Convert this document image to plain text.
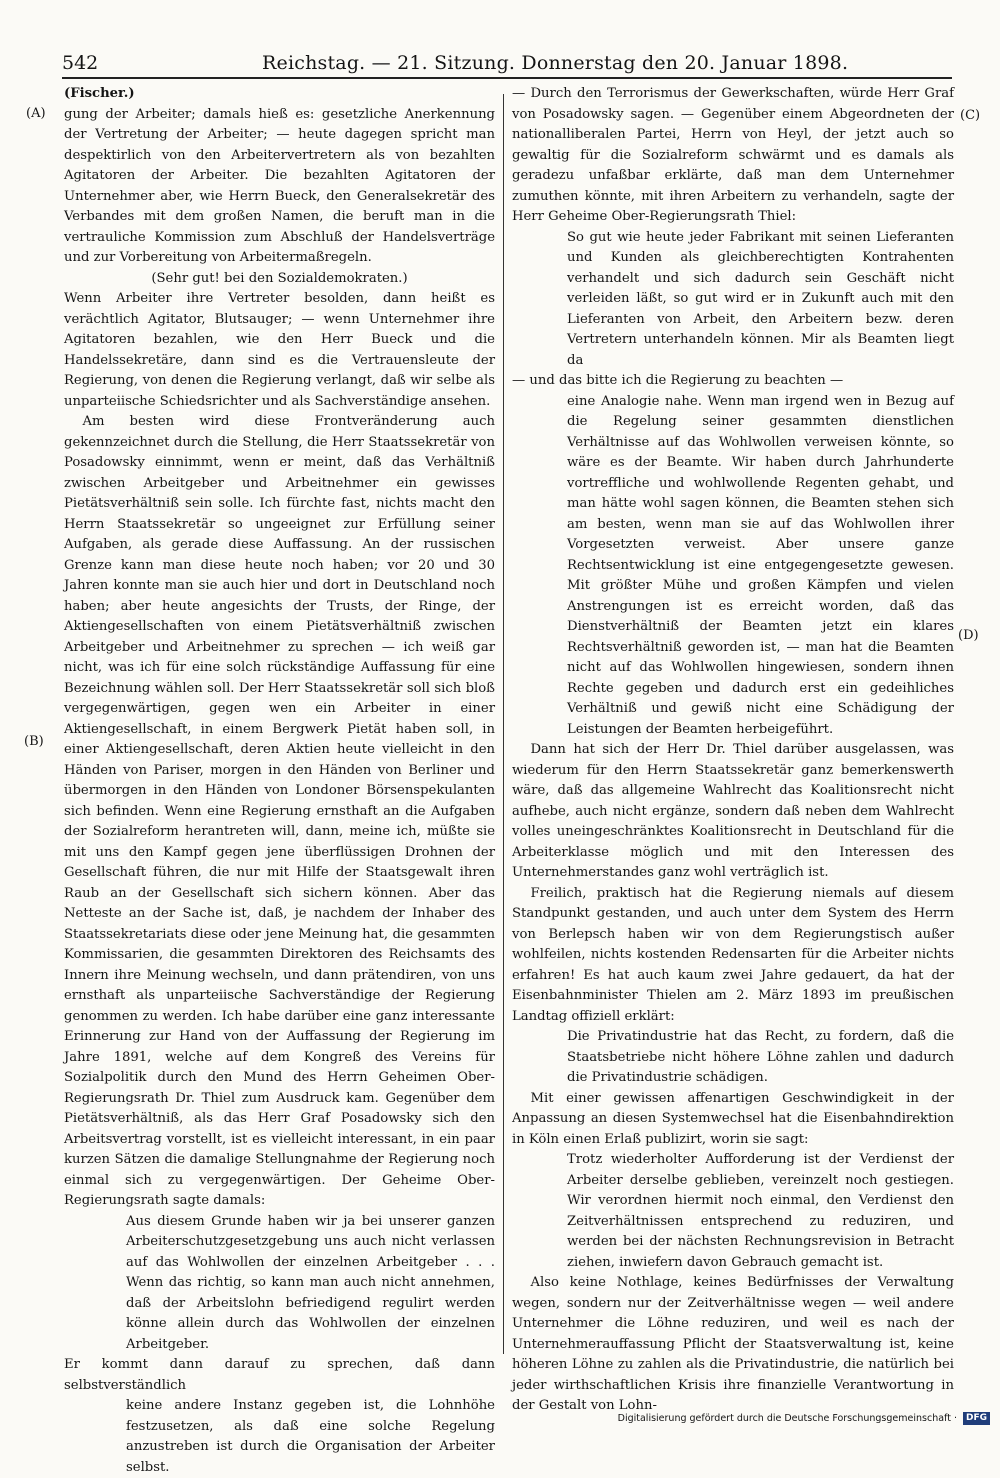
542	Reichstag. — 21. Sitzung. Donnerstag den 20. Januar 1898.
(A)
(B)
(C)
(D)

(Fischer.)

gung der Arbeiter; damals hieß es: gesetzliche Anerkennung der Vertretung der Arbeiter; — heute dagegen spricht man despektirlich von den Arbeitervertretern als von bezahlten Agitatoren der Arbeiter. Die bezahlten Agitatoren der Unternehmer aber, wie Herrn Bueck, den Generalsekretär des Verbandes mit dem großen Namen, die beruft man in die vertrauliche Kommission zum Abschluß der Handelsverträge und zur Vorbereitung von Arbeitermaßregeln.

(Sehr gut! bei den Sozialdemokraten.)

Wenn Arbeiter ihre Vertreter besolden, dann heißt es verächtlich Agitator, Blutsauger; — wenn Unternehmer ihre Agitatoren bezahlen, wie den Herr Bueck und die Handelssekretäre, dann sind es die Vertrauensleute der Regierung, von denen die Regierung verlangt, daß wir selbe als unparteiische Schiedsrichter und als Sachverständige ansehen.

Am besten wird diese Frontveränderung auch gekennzeichnet durch die Stellung, die Herr Staatssekretär von Posadowsky einnimmt, wenn er meint, daß das Verhältniß zwischen Arbeitgeber und Arbeitnehmer ein gewisses Pietätsverhältniß sein solle. Ich fürchte fast, nichts macht den Herrn Staatssekretär so ungeeignet zur Erfüllung seiner Aufgaben, als gerade diese Auffassung. An der russischen Grenze kann man diese heute noch haben; vor 20 und 30 Jahren konnte man sie auch hier und dort in Deutschland noch haben; aber heute angesichts der Trusts, der Ringe, der Aktiengesellschaften von einem Pietätsverhältniß zwischen Arbeitgeber und Arbeitnehmer zu sprechen — ich weiß gar nicht, was ich für eine solch rückständige Auffassung für eine Bezeichnung wählen soll. Der Herr Staatssekretär soll sich bloß vergegenwärtigen, gegen wen ein Arbeiter in einer Aktiengesellschaft, in einem Bergwerk Pietät haben soll, in einer Aktiengesellschaft, deren Aktien heute vielleicht in den Händen von Pariser, morgen in den Händen von Berliner und übermorgen in den Händen von Londoner Börsenspekulanten sich befinden. Wenn eine Regierung ernsthaft an die Aufgaben der Sozialreform herantreten will, dann, meine ich, müßte sie mit uns den Kampf gegen jene überflüssigen Drohnen der Gesellschaft führen, die nur mit Hilfe der Staatsgewalt ihren Raub an der Gesellschaft sich sichern können. Aber das Netteste an der Sache ist, daß, je nachdem der Inhaber des Staatssekretariats diese oder jene Meinung hat, die gesammten Kommissarien, die gesammten Direktoren des Reichsamts des Innern ihre Meinung wechseln, und dann prätendiren, von uns ernsthaft als unparteiische Sachverständige der Regierung genommen zu werden. Ich habe darüber eine ganz interessante Erinnerung zur Hand von der Auffassung der Regierung im Jahre 1891, welche auf dem Kongreß des Vereins für Sozialpolitik durch den Mund des Herrn Geheimen Ober-Regierungsrath Dr. Thiel zum Ausdruck kam. Gegenüber dem Pietätsverhältniß, als das Herr Graf Posadowsky sich den Arbeitsvertrag vorstellt, ist es vielleicht interessant, in ein paar kurzen Sätzen die damalige Stellungnahme der Regierung noch einmal sich zu vergegenwärtigen. Der Geheime Ober-Regierungsrath sagte damals:

Aus diesem Grunde haben wir ja bei unserer ganzen Arbeiterschutzgesetzgebung uns auch nicht verlassen auf das Wohlwollen der einzelnen Arbeitgeber . . . Wenn das richtig, so kann man auch nicht annehmen, daß der Arbeitslohn befriedigend regulirt werden könne allein durch das Wohlwollen der einzelnen Arbeitgeber.

Er kommt dann darauf zu sprechen, daß dann selbstverständlich

keine andere Instanz gegeben ist, die Lohnhöhe festzusetzen, als daß eine solche Regelung anzustreben ist durch die Organisation der Arbeiter selbst.

— Durch den Terrorismus der Gewerkschaften, würde Herr Graf von Posadowsky sagen. — Gegenüber einem Abgeordneten der nationalliberalen Partei, Herrn von Heyl, der jetzt auch so gewaltig für die Sozialreform schwärmt und es damals als geradezu unfaßbar erklärte, daß man dem Unternehmer zumuthen könnte, mit ihren Arbeitern zu verhandeln, sagte der Herr Geheime Ober-Regierungsrath Thiel:

So gut wie heute jeder Fabrikant mit seinen Lieferanten und Kunden als gleichberechtigten Kontrahenten verhandelt und sich dadurch sein Geschäft nicht verleiden läßt, so gut wird er in Zukunft auch mit den Lieferanten von Arbeit, den Arbeitern bezw. deren Vertretern unterhandeln können. Mir als Beamten liegt da

— und das bitte ich die Regierung zu beachten —

eine Analogie nahe. Wenn man irgend wen in Bezug auf die Regelung seiner gesammten dienstlichen Verhältnisse auf das Wohlwollen verweisen könnte, so wäre es der Beamte. Wir haben durch Jahrhunderte vortreffliche und wohlwollende Regenten gehabt, und man hätte wohl sagen können, die Beamten stehen sich am besten, wenn man sie auf das Wohlwollen ihrer Vorgesetzten verweist. Aber unsere ganze Rechtsentwicklung ist eine entgegengesetzte gewesen. Mit größter Mühe und großen Kämpfen und vielen Anstrengungen ist es erreicht worden, daß das Dienstverhältniß der Beamten jetzt ein klares Rechtsverhältniß geworden ist, — man hat die Beamten nicht auf das Wohlwollen hingewiesen, sondern ihnen Rechte gegeben und dadurch erst ein gedeihliches Verhältniß und gewiß nicht eine Schädigung der Leistungen der Beamten herbeigeführt.

Dann hat sich der Herr Dr. Thiel darüber ausgelassen, was wiederum für den Herrn Staatssekretär ganz bemerkenswerth wäre, daß das allgemeine Wahlrecht das Koalitionsrecht nicht aufhebe, auch nicht ergänze, sondern daß neben dem Wahlrecht volles uneingeschränktes Koalitionsrecht in Deutschland für die Arbeiterklasse möglich und mit den Interessen des Unternehmerstandes ganz wohl verträglich ist.

Freilich, praktisch hat die Regierung niemals auf diesem Standpunkt gestanden, und auch unter dem System des Herrn von Berlepsch haben wir von dem Regierungstisch außer wohlfeilen, nichts kostenden Redensarten für die Arbeiter nichts erfahren! Es hat auch kaum zwei Jahre gedauert, da hat der Eisenbahnminister Thielen am 2. März 1893 im preußischen Landtag offiziell erklärt:

Die Privatindustrie hat das Recht, zu fordern, daß die Staatsbetriebe nicht höhere Löhne zahlen und dadurch die Privatindustrie schädigen.

Mit einer gewissen affenartigen Geschwindigkeit in der Anpassung an diesen Systemwechsel hat die Eisenbahndirektion in Köln einen Erlaß publizirt, worin sie sagt:

Trotz wiederholter Aufforderung ist der Verdienst der Arbeiter derselbe geblieben, vereinzelt noch gestiegen. Wir verordnen hiermit noch einmal, den Verdienst den Zeitverhältnissen entsprechend zu reduziren, und werden bei der nächsten Rechnungsrevision in Betracht ziehen, inwiefern davon Gebrauch gemacht ist.

Also keine Nothlage, keines Bedürfnisses der Verwaltung wegen, sondern nur der Zeitverhältnisse wegen — weil andere Unternehmer die Löhne reduziren, und weil es nach der Unternehmerauffassung Pflicht der Staatsverwaltung ist, keine höheren Löhne zu zahlen als die Privatindustrie, die natürlich bei jeder wirthschaftlichen Krisis ihre finanzielle Verantwortung in der Gestalt von Lohn-

Digitalisierung gefördert durch die Deutsche Forschungsgemeinschaft · DFG
